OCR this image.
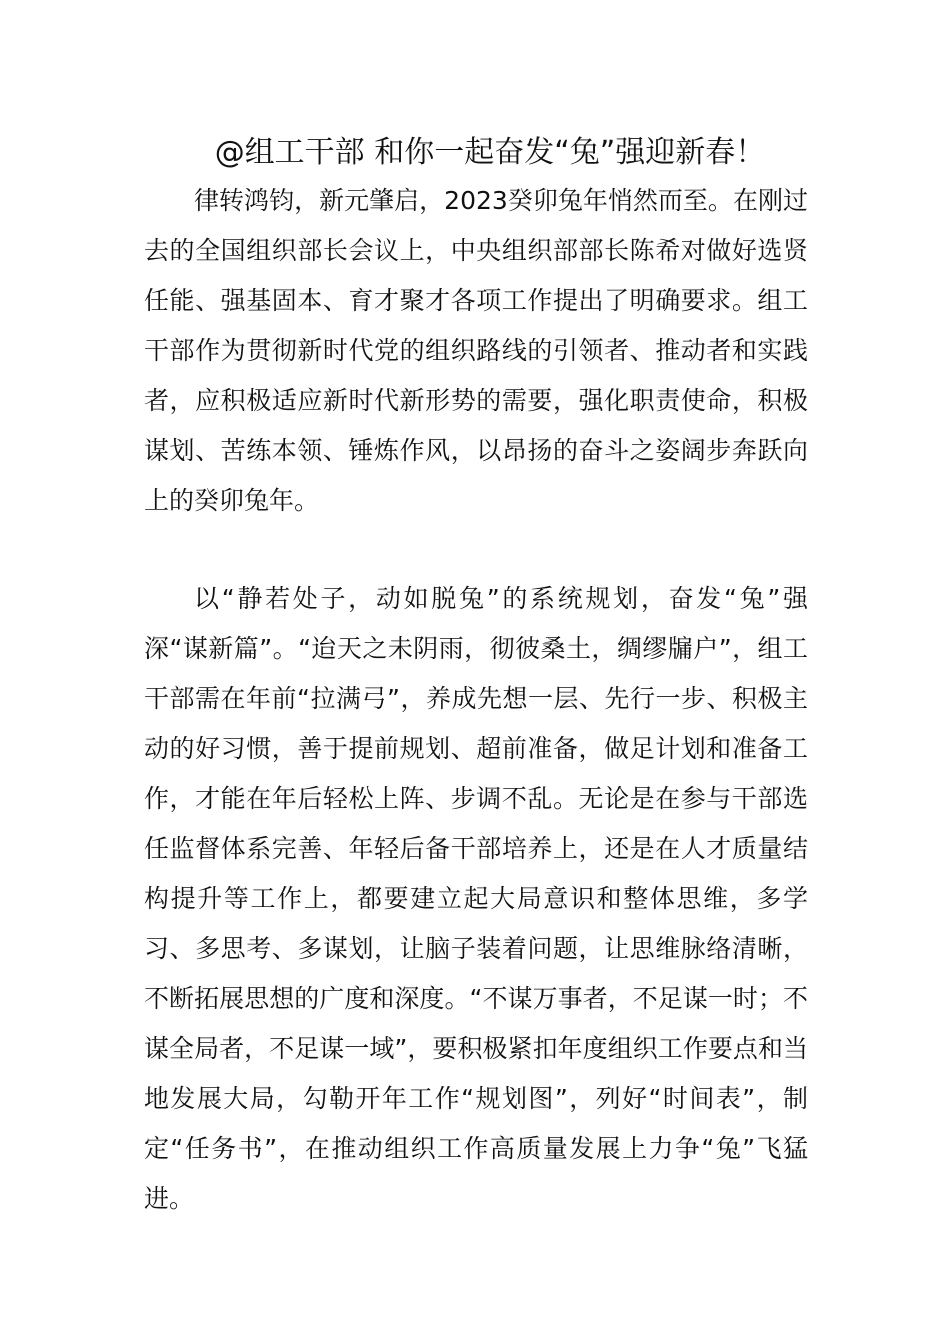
@组工干部 和你一起奋发“兔”强迎新春！

律转鸿钧，新元肇启，2023癸卯兔年悄然而至。在刚过去的全国组织部长会议上，中央组织部部长陈希对做好选贤任能、强基固本、育才聚才各项工作提出了明确要求。组工干部作为贯彻新时代党的组织路线的引领者、推动者和实践者，应积极适应新时代新形势的需要，强化职责使命，积极谋划、苦练本领、锤炼作风，以昂扬的奋斗之姿阔步奔跃向上的癸卯兔年。

以“静若处子，动如脱兔”的系统规划，奋发“兔”强深“谋新篇”。“迨天之未阴雨，彻彼桑土，绸缪牖户”，组工干部需在年前“拉满弓”，养成先想一层、先行一步、积极主动的好习惯，善于提前规划、超前准备，做足计划和准备工作，才能在年后轻松上阵、步调不乱。无论是在参与干部选任监督体系完善、年轻后备干部培养上，还是在人才质量结构提升等工作上，都要建立起大局意识和整体思维，多学习、多思考、多谋划，让脑子装着问题，让思维脉络清晰，不断拓展思想的广度和深度。“不谋万事者，不足谋一时；不谋全局者，不足谋一域”，要积极紧扣年度组织工作要点和当地发展大局，勾勒开年工作“规划图”，列好“时间表”，制定“任务书”，在推动组织工作高质量发展上力争“兔”飞猛进。
